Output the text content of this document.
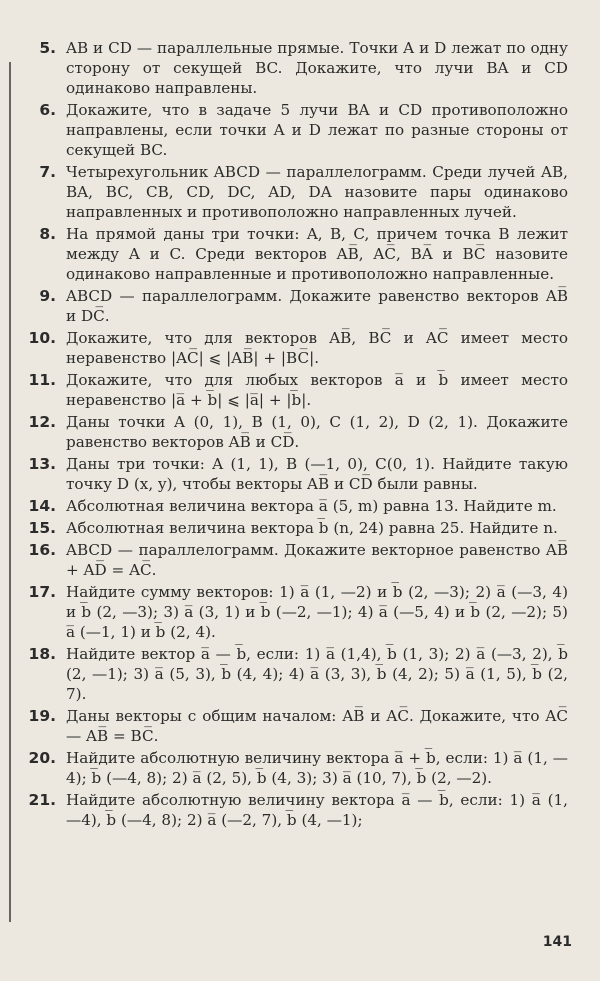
5. AB и CD — параллельные прямые. Точки A и D лежат по одну сторону от секущей BC. Докажите, что лучи BA и CD одинаково направлены.
6. Докажите, что в задаче 5 лучи BA и CD противоположно направлены, если точки A и D лежат по разные стороны от секущей BC.
7. Четырехугольник ABCD — параллелограмм. Среди лучей AB, BA, BC, CB, CD, DC, AD, DA назовите пары одинаково направленных и противоположно направленных лучей.
8. На прямой даны три точки: A, B, C, причем точка B лежит между A и C. Среди векторов AB̅, AC̅, BA̅ и BC̅ назовите одинаково направленные и противоположно направленные.
9. ABCD — параллелограмм. Докажите равенство векторов AB̅ и DC̅.
10. Докажите, что для векторов AB̅, BC̅ и AC̅ имеет место неравенство |AC̅| ⩽ |AB̅| + |BC̅|.
11. Докажите, что для любых векторов a̅ и b̅ имеет место неравенство |a̅ + b̅| ⩽ |a̅| + |b̅|.
12. Даны точки A (0, 1), B (1, 0), C (1, 2), D (2, 1). Докажите равенство векторов AB̅ и CD̅.
13. Даны три точки: A (1, 1), B (—1, 0), C(0, 1). Найдите такую точку D (x, y), чтобы векторы AB̅ и CD̅ были равны.
14. Абсолютная величина вектора a̅ (5, m) равна 13. Найдите m.
15. Абсолютная величина вектора b̅ (n, 24) равна 25. Найдите n.
16. ABCD — параллелограмм. Докажите векторное равенство AB̅ + AD̅ = AC̅.
17. Найдите сумму векторов: 1) a̅ (1, —2) и b̅ (2, —3); 2) a̅ (—3, 4) и b̅ (2, —3); 3) a̅ (3, 1) и b̅ (—2, —1); 4) a̅ (—5, 4) и b̅ (2, —2); 5) a̅ (—1, 1) и b̅ (2, 4).
18. Найдите вектор a̅ — b̅, если: 1) a̅ (1,4), b̅ (1, 3); 2) a̅ (—3, 2), b̅ (2, —1); 3) a̅ (5, 3), b̅ (4, 4); 4) a̅ (3, 3), b̅ (4, 2); 5) a̅ (1, 5), b̅ (2, 7).
19. Даны векторы с общим началом: AB̅ и AC̅. Докажите, что AC̅ — AB̅ = BC̅.
20. Найдите абсолютную величину вектора a̅ + b̅, если: 1) a̅ (1, —4); b̅ (—4, 8); 2) a̅ (2, 5), b̅ (4, 3); 3) a̅ (10, 7), b̅ (2, —2).
21. Найдите абсолютную величину вектора a̅ — b̅, если: 1) a̅ (1, —4), b̅ (—4, 8); 2) a̅ (—2, 7), b̅ (4, —1);
141
